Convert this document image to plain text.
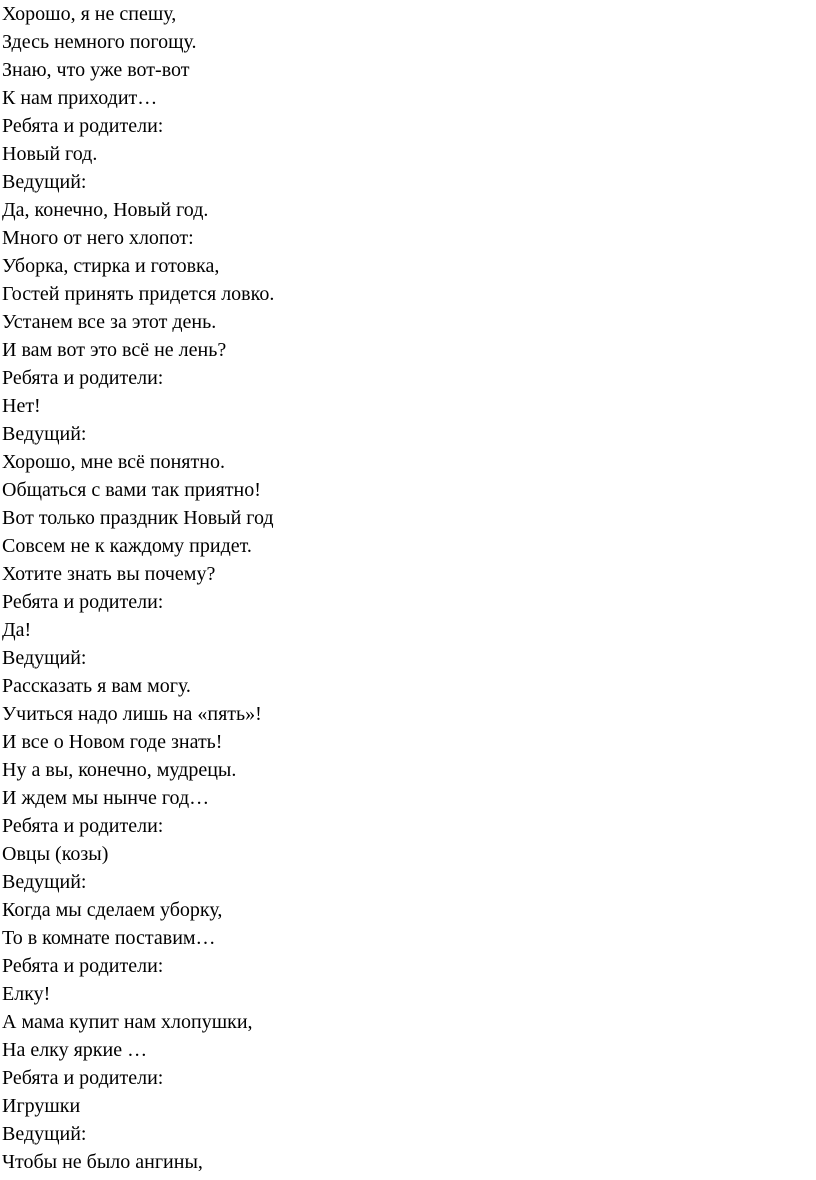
Хорошо, я не спешу,
Здесь немного погощу.
Знаю, что уже вот-вот
К нам приходит…
Ребята и родители:
Новый год.
Ведущий:
Да, конечно, Новый год.
Много от него хлопот:
Уборка, стирка и готовка,
Гостей принять придется ловко.
Устанем все за этот день.
И вам вот это всё не лень?
Ребята и родители:
Нет!
Ведущий:
Хорошо, мне всё понятно.
Общаться с вами так приятно!
Вот только праздник Новый год
Совсем не к каждому придет.
Хотите знать вы почему?
Ребята и родители:
Да!
Ведущий:
Рассказать я вам могу.
Учиться надо лишь на «пять»!
И все о Новом годе знать!
Ну а вы, конечно, мудрецы.
И ждем мы нынче год…
Ребята и родители:
Овцы (козы)
Ведущий:
Когда мы сделаем уборку,
То в комнате поставим…
Ребята и родители:
Елку!
А мама купит нам хлопушки,
На елку яркие …
Ребята и родители:
Игрушки
Ведущий:
Чтобы не было ангины,
